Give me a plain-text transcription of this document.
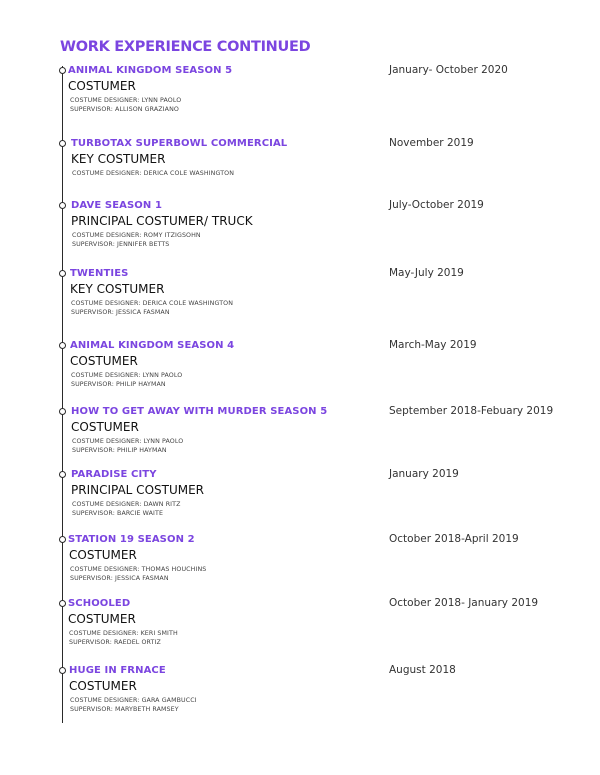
WORK EXPERIENCE CONTINUED
ANIMAL KINGDOM SEASON 5
COSTUMER
COSTUME DESIGNER: LYNN PAOLO
SUPERVISOR: ALLISON GRAZIANO
January- October 2020
TURBOTAX SUPERBOWL COMMERCIAL
KEY COSTUMER
COSTUME DESIGNER: DERICA COLE WASHINGTON
November 2019
DAVE SEASON 1
PRINCIPAL COSTUMER/ TRUCK
COSTUME DESIGNER: ROMY ITZIGSOHN
SUPERVISOR: JENNIFER BETTS
July-October 2019
TWENTIES
KEY COSTUMER
COSTUME DESIGNER: DERICA COLE WASHINGTON
SUPERVISOR: JESSICA FASMAN
May-July 2019
ANIMAL KINGDOM SEASON 4
COSTUMER
COSTUME DESIGNER: LYNN PAOLO
SUPERVISOR: PHILIP HAYMAN
March-May 2019
HOW TO GET AWAY WITH MURDER SEASON 5
COSTUMER
COSTUME DESIGNER: LYNN PAOLO
SUPERVISOR: PHILIP HAYMAN
September 2018-Febuary 2019
PARADISE CITY
PRINCIPAL COSTUMER
COSTUME DESIGNER: DAWN RITZ
SUPERVISOR: BARCIE WAITE
January 2019
STATION 19 SEASON 2
COSTUMER
COSTUME DESIGNER: THOMAS HOUCHINS
SUPERVISOR: JESSICA FASMAN
October 2018-April 2019
SCHOOLED
COSTUMER
COSTUME DESIGNER: KERI SMITH
SUPERVISOR: RAEDEL ORTIZ
October 2018- January 2019
HUGE IN FRNACE
COSTUMER
COSTUME DESIGNER: GARA GAMBUCCI
SUPERVISOR: MARYBETH RAMSEY
August 2018
